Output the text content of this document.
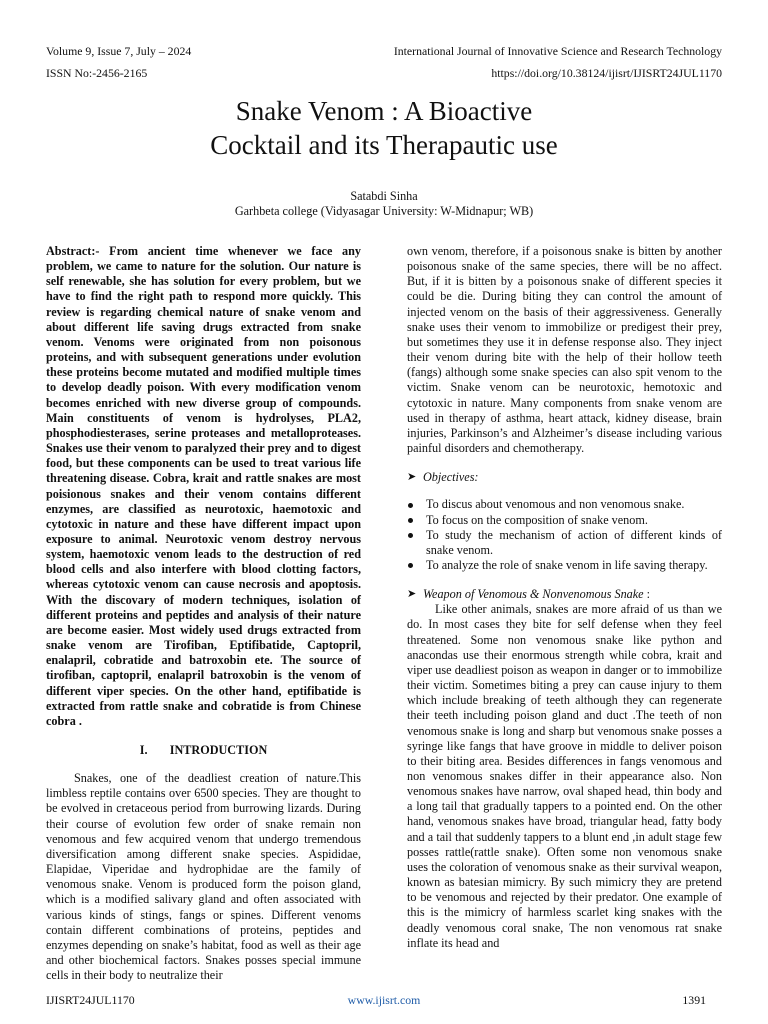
Volume 9, Issue 7, July ‒ 2024	International Journal of Innovative Science and Research Technology
ISSN No:-2456-2165	https://doi.org/10.38124/ijisrt/IJISRT24JUL1170
Snake Venom : A Bioactive
Cocktail and its Therapautic use
Satabdi Sinha
Garhbeta college (Vidyasagar University: W-Midnapur; WB)

Abstract:- From ancient time whenever we face any problem, we came to nature for the solution. Our nature is self renewable, she has solution for every problem, but we have to find the right path to respond more quickly. This review is regarding chemical nature of snake venom and about different life saving drugs extracted from snake venom. Venoms were originated from non poisonous proteins, and with subsequent generations under evolution these proteins become mutated and modified multiple times to develop deadly poison. With every modification venom becomes enriched with new diverse group of compounds. Main constituents of venom is hydrolyses, PLA2, phosphodiesterases, serine proteases and metalloproteases. Snakes use their venom to paralyzed their prey and to digest food, but these components can be used to treat various life threatening disease. Cobra, krait and rattle snakes are most poisionous snakes and their venom contains different enzymes, are classified as neurotoxic, haemotoxic and cytotoxic in nature and these have different impact upon exposure to animal. Neurotoxic venom destroy nervous system, haemotoxic venom leads to the destruction of red blood cells and also interfere with blood clotting factors, whereas cytotoxic venom can cause necrosis and apoptosis. With the discovary of modern techniques, isolation of different proteins and peptides and analysis of their nature are become easier. Most widely used drugs extracted from snake venom are Tirofiban, Eptifibatide, Captopril, enalapril, cobratide and batroxobin ete. The source of tirofiban, captopril, enalapril batroxobin is the venom of different viper species. On the other hand, eptifibatide is extracted from rattle snake and cobratide is from Chinese cobra .

I.	INTRODUCTION

Snakes, one of the deadliest creation of nature.This limbless reptile contains over 6500 species. They are thought to be evolved in cretaceous period from burrowing lizards. During their course of evolution few order of snake remain non venomous and few acquired venom that undergo tremendous diversification among different snake species. Aspididae, Elapidae, Viperidae and hydrophidae are the family of venomous snake. Venom is produced form the poison gland, which is a modified salivary gland and often associated with various kinds of stings, fangs or spines. Different venoms contain different combinations of proteins, peptides and enzymes depending on snake’s habitat, food as well as their age and other biochemical factors. Snakes posses special immune cells in their body to neutralize their

own venom, therefore, if a poisonous snake is bitten by another poisonous snake of the same species, there will be no affect. But, if it is bitten by a poisonous snake of different species it could be die. During biting they can control the amount of injected venom on the basis of their aggressiveness. Generally snake uses their venom to immobilize or predigest their prey, but sometimes they use it in defense response also. They inject their venom during bite with the help of their hollow teeth (fangs) although some snake species can also spit venom to the victim. Snake venom can be neurotoxic, hemotoxic and cytotoxic in nature. Many components from snake venom are used in therapy of asthma, heart attack, kidney disease, brain injuries, Parkinson’s and Alzheimer’s disease including various painful disorders and chemotherapy.

➤ Objectives:

To discus about venomous and non venomous snake.
To focus on the composition of snake venom.
To study the mechanism of action of different kinds of snake venom.
To analyze the role of snake venom in life saving therapy.

➤ Weapon of Venomous & Nonvenomous Snake :

Like other animals, snakes are more afraid of us than we do. In most cases they bite for self defense when they feel threatened. Some non venomous snake like python and anacondas use their enormous strength while cobra, krait and viper use deadliest poison as weapon in danger or to immobilize their victim. Sometimes biting a prey can cause injury to them which include breaking of teeth although they can regenerate their teeth including poison gland and duct .The teeth of non venomous snake is long and sharp but venomous snake posses a syringe like fangs that have groove in middle to deliver poison to their biting area. Besides differences in fangs venomous and non venomous snakes differ in their appearance also. Non venomous snakes have narrow, oval shaped head, thin body and a long tail that gradually tappers to a pointed end. On the other hand, venomous snakes have broad, triangular head, fatty body and a tail that suddenly tappers to a blunt end ,in adult stage few posses rattle(rattle snake). Often some non venomous snake uses the coloration of venomous snake as their survival weapon, known as batesian mimicry. By such mimicry they are pretend to be venomous and rejected by their predator. One example of this is the mimicry of harmless scarlet king snakes with the deadly venomous coral snake, The non venomous rat snake inflate its head and

IJISRT24JUL1170	www.ijisrt.com	1391
